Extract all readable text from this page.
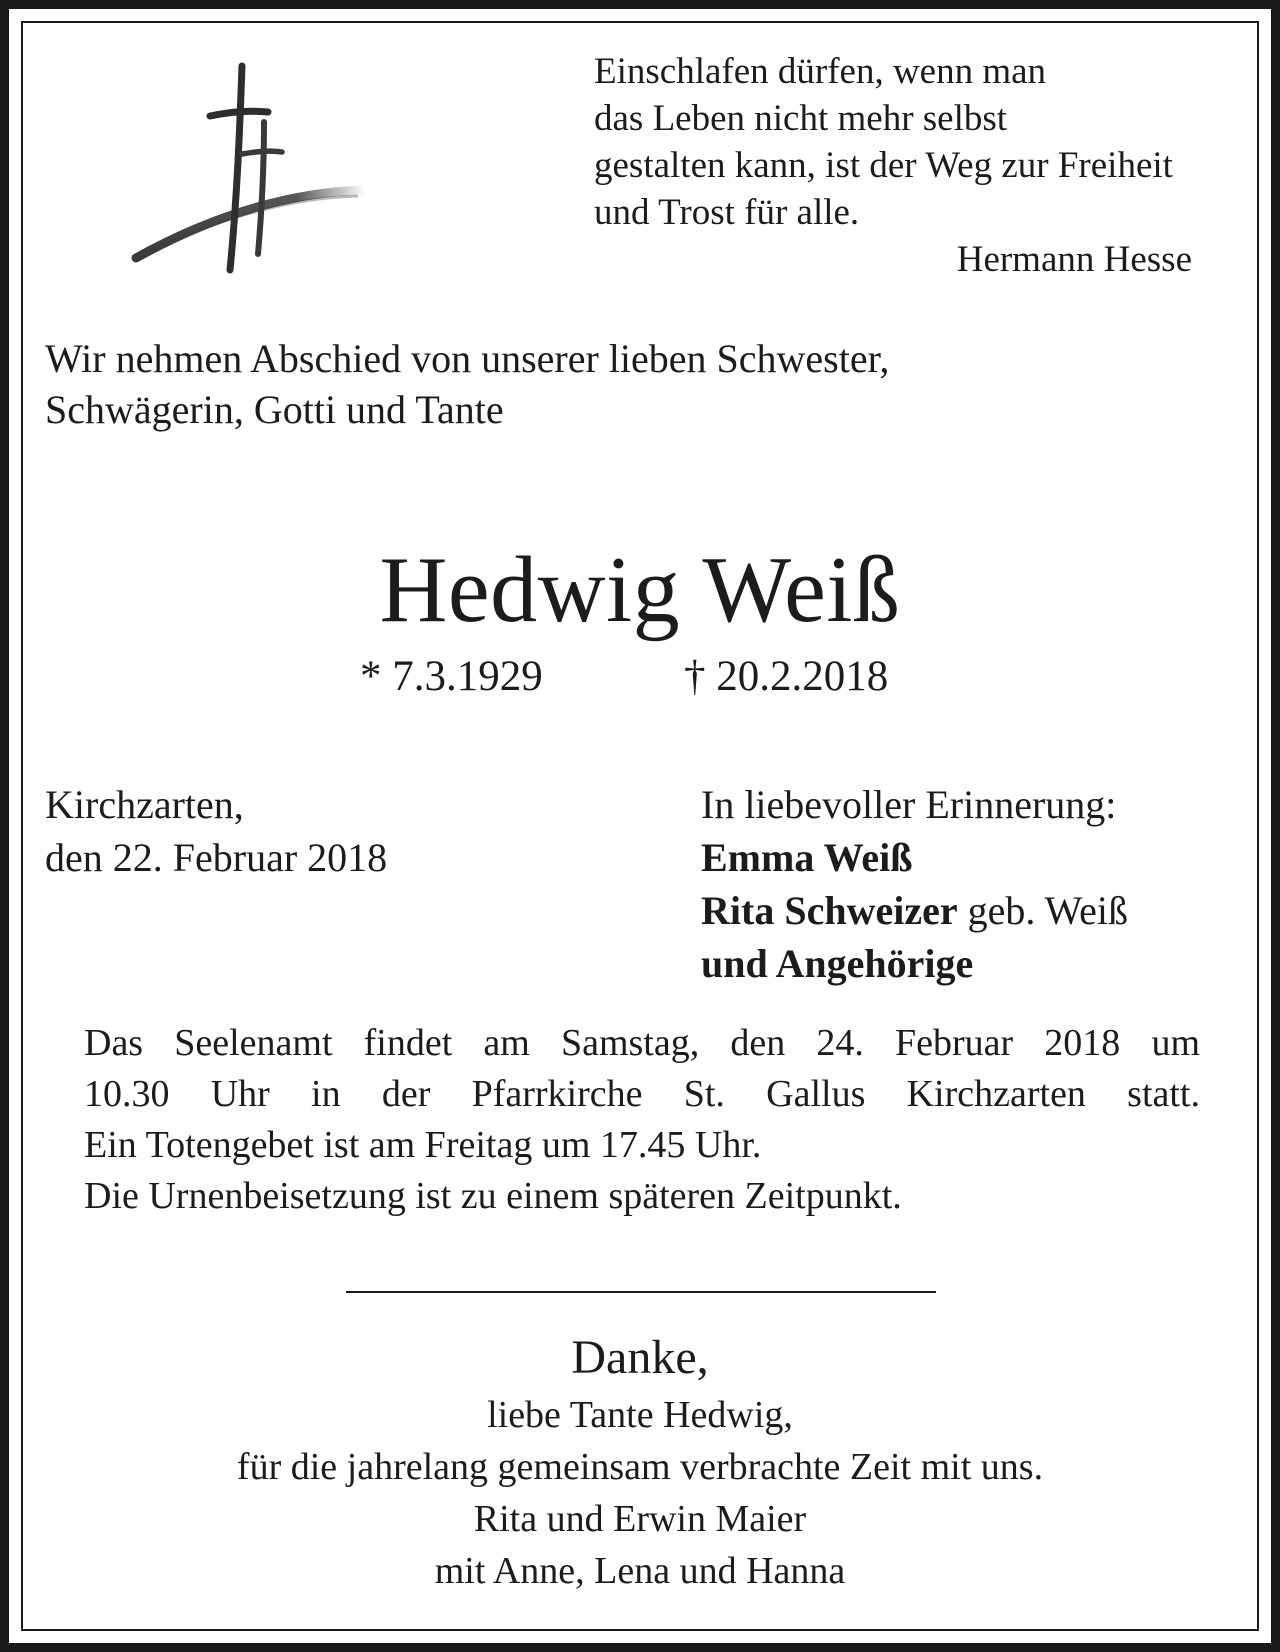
Einschlafen dürfen, wenn man
das Leben nicht mehr selbst
gestalten kann, ist der Weg zur Freiheit
und Trost für alle.
Hermann Hesse
Wir nehmen Abschied von unserer lieben Schwester,
Schwägerin, Gotti und Tante
Hedwig Weiß
* 7.3.1929	† 20.2.2018
Kirchzarten,
den 22. Februar 2018
In liebevoller Erinnerung:
Emma Weiß
Rita Schweizer geb. Weiß
und Angehörige
Das Seelenamt findet am Samstag, den 24. Februar 2018 um
10.30 Uhr in der Pfarrkirche St. Gallus Kirchzarten statt.
Ein Totengebet ist am Freitag um 17.45 Uhr.
Die Urnenbeisetzung ist zu einem späteren Zeitpunkt.
Danke,
liebe Tante Hedwig,
für die jahrelang gemeinsam verbrachte Zeit mit uns.
Rita und Erwin Maier
mit Anne, Lena und Hanna
